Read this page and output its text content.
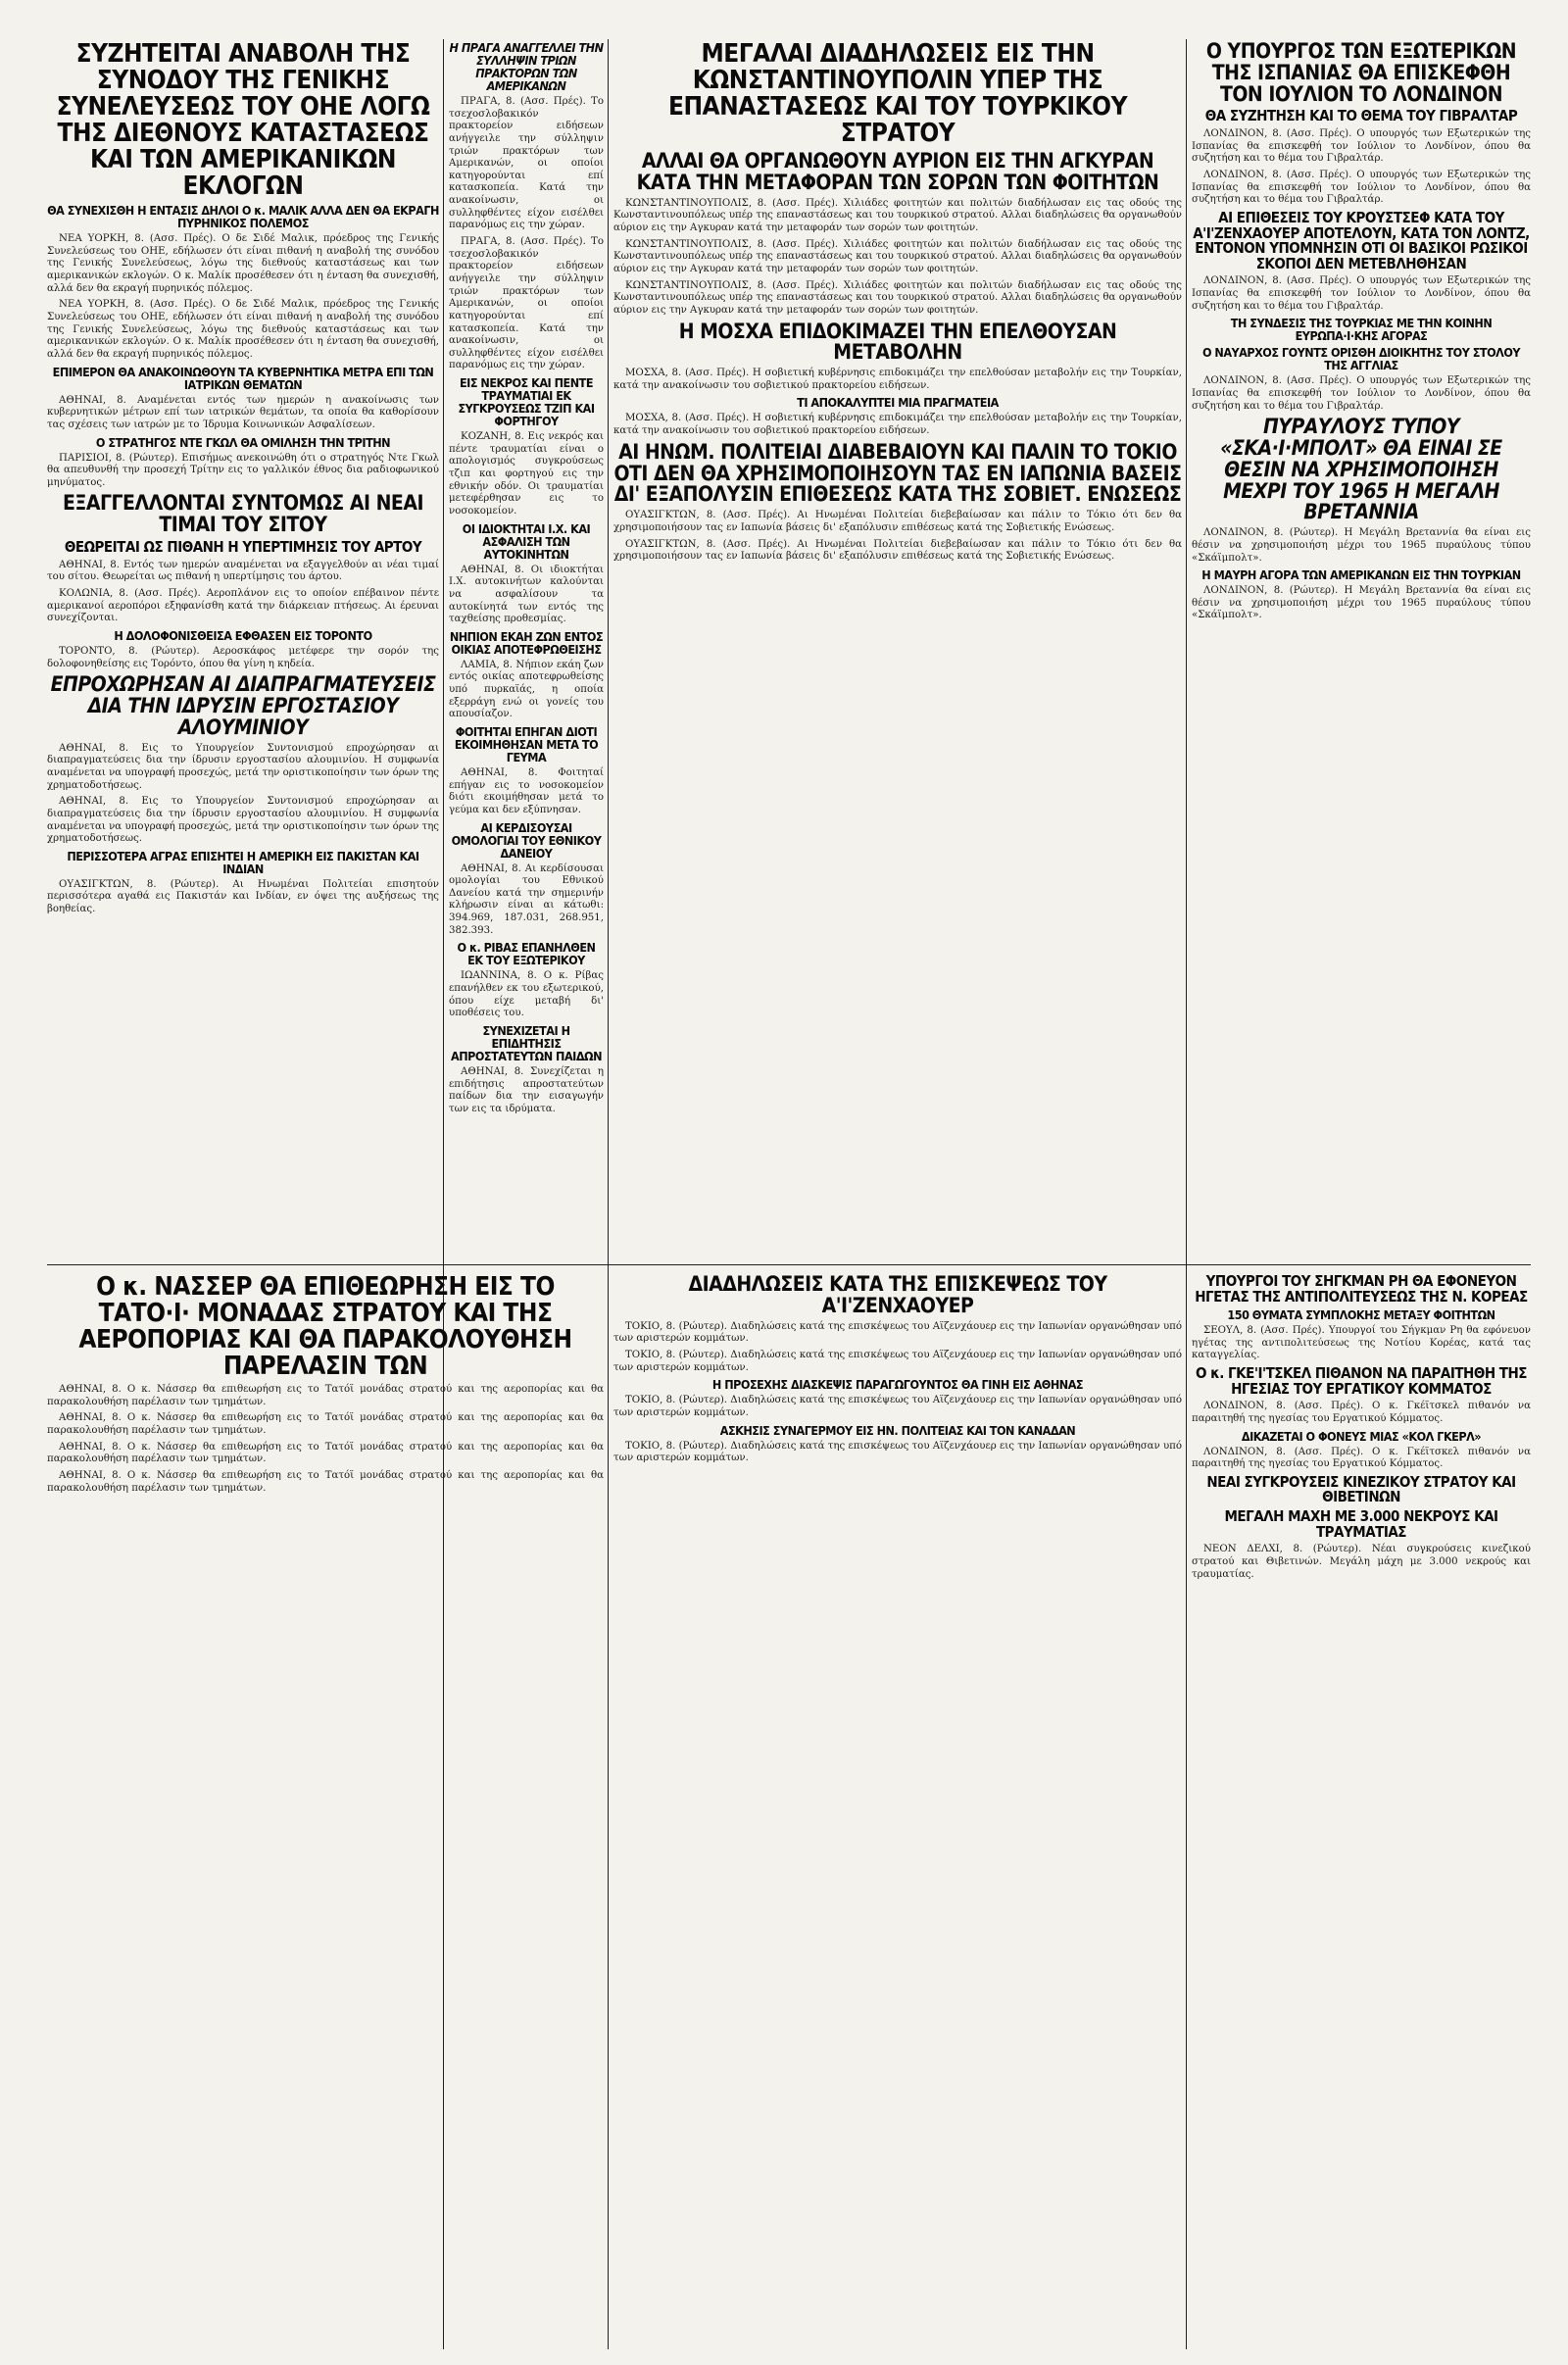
ΣΥΖΗΤΕΙΤΑΙ ΑΝΑΒΟΛΗ ΤΗΣ ΣΥΝΟΔΟΥ ΤΗΣ ΓΕΝΙΚΗΣ ΣΥΝΕΛΕΥΣΕΩΣ ΤΟΥ ΟΗΕ ΛΟΓΩ ΤΗΣ ΔΙΕΘΝΟΥΣ ΚΑΤΑΣΤΑΣΕΩΣ ΚΑΙ ΤΩΝ ΑΜΕΡΙΚΑΝΙΚΩΝ ΕΚΛΟΓΩΝ
ΘΑ ΣΥΝΕΧΙΣΘΗ Η ΕΝΤΑΣΙΣ ΔΗΛΟΙ Ο κ. ΜΑΛΙΚ ΑΛΛΑ ΔΕΝ ΘΑ ΕΚΡΑΓΗ ΠΥΡΗΝΙΚΟΣ ΠΟΛΕΜΟΣ

ΝΕΑ ΥΟΡΚΗ, 8. (Ασσ. Πρές). Ο δε Σιδέ Μαλικ, πρόεδρος της Γενικής Συνελεύσεως του ΟΗΕ, εδήλωσεν ότι είναι πιθανή η αναβολή της συνόδου της Γενικής Συνελεύσεως, λόγω της διεθνούς καταστάσεως και των αμερικανικών εκλογών. Ο κ. Μαλίκ προσέθεσεν ότι η ένταση θα συνεχισθή, αλλά δεν θα εκραγή πυρηνικός πόλεμος.

ΝΕΑ ΥΟΡΚΗ, 8. (Ασσ. Πρές). Ο δε Σιδέ Μαλικ, πρόεδρος της Γενικής Συνελεύσεως του ΟΗΕ, εδήλωσεν ότι είναι πιθανή η αναβολή της συνόδου της Γενικής Συνελεύσεως, λόγω της διεθνούς καταστάσεως και των αμερικανικών εκλογών. Ο κ. Μαλίκ προσέθεσεν ότι η ένταση θα συνεχισθή, αλλά δεν θα εκραγή πυρηνικός πόλεμος.

ΕΠΙΜΕΡΟΝ ΘΑ ΑΝΑΚΟΙΝΩΘΟΥΝ ΤΑ ΚΥΒΕΡΝΗΤΙΚΑ ΜΕΤΡΑ ΕΠΙ ΤΩΝ ΙΑΤΡΙΚΩΝ ΘΕΜΑΤΩΝ

ΑΘΗΝΑΙ, 8. Αναμένεται εντός των ημερών η ανακοίνωσις των κυβερνητικών μέτρων επί των ιατρικών θεμάτων, τα οποία θα καθορίσουν τας σχέσεις των ιατρών με το Ίδρυμα Κοινωνικών Ασφαλίσεων.

Ο ΣΤΡΑΤΗΓΟΣ ΝΤΕ ΓΚΩΛ ΘΑ ΟΜΙΛΗΣΗ ΤΗΝ ΤΡΙΤΗΝ

ΠΑΡΙΣΙΟΙ, 8. (Ρώυτερ). Επισήμως ανεκοινώθη ότι ο στρατηγός Ντε Γκωλ θα απευθυνθή την προσεχή Τρίτην εις το γαλλικόν έθνος δια ραδιοφωνικού μηνύματος.

ΕΞΑΓΓΕΛΛΟΝΤΑΙ ΣΥΝΤΟΜΩΣ ΑΙ ΝΕΑΙ ΤΙΜΑΙ ΤΟΥ ΣΙΤΟΥ
ΘΕΩΡΕΙΤΑΙ ΩΣ ΠΙΘΑΝΗ Η ΥΠΕΡΤΙΜΗΣΙΣ ΤΟΥ ΑΡΤΟΥ

ΑΘΗΝΑΙ, 8. Εντός των ημερών αναμένεται να εξαγγελθούν αι νέαι τιμαί του σίτου. Θεωρείται ως πιθανή η υπερτίμησις του άρτου.

ΚΟΛΩΝΙΑ, 8. (Ασσ. Πρές). Αεροπλάνον εις το οποίον επέβαινον πέντε αμερικανοί αεροπόροι εξηφανίσθη κατά την διάρκειαν πτήσεως. Αι έρευναι συνεχίζονται.

Η ΔΟΛΟΦΟΝΙΣΘΕΙΣΑ ΕΦΘΑΣΕΝ ΕΙΣ ΤΟΡΟΝΤΟ

ΤΟΡΟΝΤΟ, 8. (Ρώυτερ). Αεροσκάφος μετέφερε την σορόν της δολοφονηθείσης εις Τορόντο, όπου θα γίνη η κηδεία.

ΕΠΡΟΧΩΡΗΣΑΝ ΑΙ ΔΙΑΠΡΑΓΜΑΤΕΥΣΕΙΣ ΔΙΑ ΤΗΝ ΙΔΡΥΣΙΝ ΕΡΓΟΣΤΑΣΙΟΥ ΑΛΟΥΜΙΝΙΟΥ

ΑΘΗΝΑΙ, 8. Εις το Υπουργείον Συντονισμού επροχώρησαν αι διαπραγματεύσεις δια την ίδρυσιν εργοστασίου αλουμινίου. Η συμφωνία αναμένεται να υπογραφή προσεχώς, μετά την οριστικοποίησιν των όρων της χρηματοδοτήσεως.

ΑΘΗΝΑΙ, 8. Εις το Υπουργείον Συντονισμού επροχώρησαν αι διαπραγματεύσεις δια την ίδρυσιν εργοστασίου αλουμινίου. Η συμφωνία αναμένεται να υπογραφή προσεχώς, μετά την οριστικοποίησιν των όρων της χρηματοδοτήσεως.

ΠΕΡΙΣΣΟΤΕΡΑ ΑΓΡΑΣ ΕΠΙΣΗΤΕΙ Η ΑΜΕΡΙΚΗ ΕΙΣ ΠΑΚΙΣΤΑΝ ΚΑΙ ΙΝΔΙΑΝ

ΟΥΑΣΙΓΚΤΩΝ, 8. (Ρώυτερ). Αι Ηνωμέναι Πολιτείαι επισητούν περισσότερα αγαθά εις Πακιστάν και Ινδίαν, εν όψει της αυξήσεως της βοηθείας.

Η ΠΡΑΓΑ ΑΝΑΓΓΕΛΛΕΙ ΤΗΝ ΣΥΛΛΗΨΙΝ ΤΡΙΩΝ ΠΡΑΚΤΟΡΩΝ ΤΩΝ ΑΜΕΡΙΚΑΝΩΝ

ΠΡΑΓΑ, 8. (Ασσ. Πρές). Το τσεχοσλοβακικόν πρακτορείον ειδήσεων ανήγγειλε την σύλληψιν τριών πρακτόρων των Αμερικανών, οι οποίοι κατηγορούνται επί κατασκοπεία. Κατά την ανακοίνωσιν, οι συλληφθέντες είχον εισέλθει παρανόμως εις την χώραν.

ΠΡΑΓΑ, 8. (Ασσ. Πρές). Το τσεχοσλοβακικόν πρακτορείον ειδήσεων ανήγγειλε την σύλληψιν τριών πρακτόρων των Αμερικανών, οι οποίοι κατηγορούνται επί κατασκοπεία. Κατά την ανακοίνωσιν, οι συλληφθέντες είχον εισέλθει παρανόμως εις την χώραν.

ΕΙΣ ΝΕΚΡΟΣ ΚΑΙ ΠΕΝΤΕ ΤΡΑΥΜΑΤΙΑΙ ΕΚ ΣΥΓΚΡΟΥΣΕΩΣ ΤΖΙΠ ΚΑΙ ΦΟΡΤΗΓΟΥ

ΚΟΖΑΝΗ, 8. Εις νεκρός και πέντε τραυματίαι είναι ο απολογισμός συγκρούσεως τζιπ και φορτηγού εις την εθνικήν οδόν. Οι τραυματίαι μετεφέρθησαν εις το νοσοκομείον.

ΟΙ ΙΔΙΟΚΤΗΤΑΙ Ι.Χ. ΚΑΙ ΑΣΦΑΛΙΣΗ ΤΩΝ ΑΥΤΟΚΙΝΗΤΩΝ

ΑΘΗΝΑΙ, 8. Οι ιδιοκτήται Ι.Χ. αυτοκινήτων καλούνται να ασφαλίσουν τα αυτοκίνητά των εντός της ταχθείσης προθεσμίας.

ΝΗΠΙΟΝ ΕΚΑΗ ΖΩΝ ΕΝΤΟΣ ΟΙΚΙΑΣ ΑΠΟΤΕΦΡΩΘΕΙΣΗΣ

ΛΑΜΙΑ, 8. Νήπιον εκάη ζων εντός οικίας αποτεφρωθείσης υπό πυρκαϊάς, η οποία εξερράγη ενώ οι γονείς του απουσίαζον.

ΦΟΙΤΗΤΑΙ ΕΠΗΓΑΝ ΔΙΟΤΙ ΕΚΟΙΜΗΘΗΣΑΝ ΜΕΤΑ ΤΟ ΓΕΥΜΑ

ΑΘΗΝΑΙ, 8. Φοιτηταί επήγαν εις το νοσοκομείον διότι εκοιμήθησαν μετά το γεύμα και δεν εξύπνησαν.

ΑΙ ΚΕΡΔΙΣΟΥΣΑΙ ΟΜΟΛΟΓΙΑΙ ΤΟΥ ΕΘΝΙΚΟΥ ΔΑΝΕΙΟΥ

ΑΘΗΝΑΙ, 8. Αι κερδίσουσαι ομολογίαι του Εθνικού Δανείου κατά την σημερινήν κλήρωσιν είναι αι κάτωθι: 394.969, 187.031, 268.951, 382.393.

Ο κ. ΡΙΒΑΣ ΕΠΑΝΗΛΘΕΝ ΕΚ ΤΟΥ ΕΞΩΤΕΡΙΚΟΥ

ΙΩΑΝΝΙΝΑ, 8. Ο κ. Ρίβας επανήλθεν εκ του εξωτερικού, όπου είχε μεταβή δι' υποθέσεις του.

ΣΥΝΕΧΙΖΕΤΑΙ Η ΕΠΙΔΗΤΗΣΙΣ ΑΠΡΟΣΤΑΤΕΥΤΩΝ ΠΑΙΔΩΝ

ΑΘΗΝΑΙ, 8. Συνεχίζεται η επιδήτησις απροστατεύτων παίδων δια την εισαγωγήν των εις τα ιδρύματα.

ΜΕΓΑΛΑΙ ΔΙΑΔΗΛΩΣΕΙΣ ΕΙΣ ΤΗΝ ΚΩΝΣΤΑΝΤΙΝΟΥΠΟΛΙΝ ΥΠΕΡ ΤΗΣ ΕΠΑΝΑΣΤΑΣΕΩΣ ΚΑΙ ΤΟΥ ΤΟΥΡΚΙΚΟΥ ΣΤΡΑΤΟΥ
ΑΛΛΑΙ ΘΑ ΟΡΓΑΝΩΘΟΥΝ ΑΥΡΙΟΝ ΕΙΣ ΤΗΝ ΑΓΚΥΡΑΝ ΚΑΤΑ ΤΗΝ ΜΕΤΑΦΟΡΑΝ ΤΩΝ ΣΟΡΩΝ ΤΩΝ ΦΟΙΤΗΤΩΝ

ΚΩΝΣΤΑΝΤΙΝΟΥΠΟΛΙΣ, 8. (Ασσ. Πρές). Χιλιάδες φοιτητών και πολιτών διαδήλωσαν εις τας οδούς της Κωνσταντινουπόλεως υπέρ της επαναστάσεως και του τουρκικού στρατού. Αλλαι διαδηλώσεις θα οργανωθούν αύριον εις την Αγκυραν κατά την μεταφοράν των σορών των φοιτητών.

ΚΩΝΣΤΑΝΤΙΝΟΥΠΟΛΙΣ, 8. (Ασσ. Πρές). Χιλιάδες φοιτητών και πολιτών διαδήλωσαν εις τας οδούς της Κωνσταντινουπόλεως υπέρ της επαναστάσεως και του τουρκικού στρατού. Αλλαι διαδηλώσεις θα οργανωθούν αύριον εις την Αγκυραν κατά την μεταφοράν των σορών των φοιτητών.

ΚΩΝΣΤΑΝΤΙΝΟΥΠΟΛΙΣ, 8. (Ασσ. Πρές). Χιλιάδες φοιτητών και πολιτών διαδήλωσαν εις τας οδούς της Κωνσταντινουπόλεως υπέρ της επαναστάσεως και του τουρκικού στρατού. Αλλαι διαδηλώσεις θα οργανωθούν αύριον εις την Αγκυραν κατά την μεταφοράν των σορών των φοιτητών.

Η ΜΟΣΧΑ ΕΠΙΔΟΚΙΜΑΖΕΙ ΤΗΝ ΕΠΕΛΘΟΥΣΑΝ ΜΕΤΑΒΟΛΗΝ

ΜΟΣΧΑ, 8. (Ασσ. Πρές). Η σοβιετική κυβέρνησις επιδοκιμάζει την επελθούσαν μεταβολήν εις την Τουρκίαν, κατά την ανακοίνωσιν του σοβιετικού πρακτορείου ειδήσεων.

ΤΙ ΑΠΟΚΑΛΥΠΤΕΙ ΜΙΑ ΠΡΑΓΜΑΤΕΙΑ

ΜΟΣΧΑ, 8. (Ασσ. Πρές). Η σοβιετική κυβέρνησις επιδοκιμάζει την επελθούσαν μεταβολήν εις την Τουρκίαν, κατά την ανακοίνωσιν του σοβιετικού πρακτορείου ειδήσεων.

ΑΙ ΗΝΩΜ. ΠΟΛΙΤΕΙΑΙ ΔΙΑΒΕΒΑΙΟΥΝ ΚΑΙ ΠΑΛΙΝ ΤΟ ΤΟΚΙΟ ΟΤΙ ΔΕΝ ΘΑ ΧΡΗΣΙΜΟΠΟΙΗΣΟΥΝ ΤΑΣ ΕΝ ΙΑΠΩΝΙΑ ΒΑΣΕΙΣ ΔΙ' ΕΞΑΠΟΛΥΣΙΝ ΕΠΙΘΕΣΕΩΣ ΚΑΤΑ ΤΗΣ ΣΟΒΙΕΤ. ΕΝΩΣΕΩΣ

ΟΥΑΣΙΓΚΤΩΝ, 8. (Ασσ. Πρές). Αι Ηνωμέναι Πολιτείαι διεβεβαίωσαν και πάλιν το Τόκιο ότι δεν θα χρησιμοποιήσουν τας εν Ιαπωνία βάσεις δι' εξαπόλυσιν επιθέσεως κατά της Σοβιετικής Ενώσεως.

ΟΥΑΣΙΓΚΤΩΝ, 8. (Ασσ. Πρές). Αι Ηνωμέναι Πολιτείαι διεβεβαίωσαν και πάλιν το Τόκιο ότι δεν θα χρησιμοποιήσουν τας εν Ιαπωνία βάσεις δι' εξαπόλυσιν επιθέσεως κατά της Σοβιετικής Ενώσεως.

Ο ΥΠΟΥΡΓΟΣ ΤΩΝ ΕΞΩΤΕΡΙΚΩΝ ΤΗΣ ΙΣΠΑΝΙΑΣ ΘΑ ΕΠΙΣΚΕΦΘΗ ΤΟΝ ΙΟΥΛΙΟΝ ΤΟ ΛΟΝΔΙΝΟΝ
ΘΑ ΣΥΖΗΤΗΣΗ ΚΑΙ ΤΟ ΘΕΜΑ ΤΟΥ ΓΙΒΡΑΛΤΑΡ

ΛΟΝΔΙΝΟΝ, 8. (Ασσ. Πρές). Ο υπουργός των Εξωτερικών της Ισπανίας θα επισκεφθή τον Ιούλιον το Λονδίνον, όπου θα συζητήση και το θέμα του Γιβραλτάρ.

ΛΟΝΔΙΝΟΝ, 8. (Ασσ. Πρές). Ο υπουργός των Εξωτερικών της Ισπανίας θα επισκεφθή τον Ιούλιον το Λονδίνον, όπου θα συζητήση και το θέμα του Γιβραλτάρ.

ΑΙ ΕΠΙΘΕΣΕΙΣ ΤΟΥ ΚΡΟΥΣΤΣΕΦ ΚΑΤΑ ΤΟΥ Α'Ι'ΖΕΝΧΑΟΥΕΡ ΑΠΟΤΕΛΟΥΝ, ΚΑΤΑ ΤΟΝ ΛΟΝΤΖ, ΕΝΤΟΝΟΝ ΥΠΟΜΝΗΣΙΝ ΟΤΙ ΟΙ ΒΑΣΙΚΟΙ ΡΩΣΙΚΟΙ ΣΚΟΠΟΙ ΔΕΝ ΜΕΤΕΒΛΗΘΗΣΑΝ

ΛΟΝΔΙΝΟΝ, 8. (Ασσ. Πρές). Ο υπουργός των Εξωτερικών της Ισπανίας θα επισκεφθή τον Ιούλιον το Λονδίνον, όπου θα συζητήση και το θέμα του Γιβραλτάρ.

ΤΗ ΣΥΝΔΕΣΙΣ ΤΗΣ ΤΟΥΡΚΙΑΣ ΜΕ ΤΗΝ ΚΟΙΝΗΝ ΕΥΡΩΠΑ·Ι·ΚΗΣ ΑΓΟΡΑΣ
Ο ΝΑΥΑΡΧΟΣ ΓΟΥΝΤΣ ΟΡΙΣΘΗ ΔΙΟΙΚΗΤΗΣ ΤΟΥ ΣΤΟΛΟΥ ΤΗΣ ΑΓΓΛΙΑΣ

ΛΟΝΔΙΝΟΝ, 8. (Ασσ. Πρές). Ο υπουργός των Εξωτερικών της Ισπανίας θα επισκεφθή τον Ιούλιον το Λονδίνον, όπου θα συζητήση και το θέμα του Γιβραλτάρ.

ΠΥΡΑΥΛΟΥΣ ΤΥΠΟΥ «ΣΚΑ·Ι·ΜΠΟΛΤ» ΘΑ ΕΙΝΑΙ ΣΕ ΘΕΣΙΝ ΝΑ ΧΡΗΣΙΜΟΠΟΙΗΣΗ ΜΕΧΡΙ ΤΟΥ 1965 Η ΜΕΓΑΛΗ ΒΡΕΤΑΝΝΙΑ

ΛΟΝΔΙΝΟΝ, 8. (Ρώυτερ). Η Μεγάλη Βρεταννία θα είναι εις θέσιν να χρησιμοποιήση μέχρι του 1965 πυραύλους τύπου «Σκάϊμπολτ».

Η ΜΑΥΡΗ ΑΓΟΡΑ ΤΩΝ ΑΜΕΡΙΚΑΝΩΝ ΕΙΣ ΤΗΝ ΤΟΥΡΚΙΑΝ

ΛΟΝΔΙΝΟΝ, 8. (Ρώυτερ). Η Μεγάλη Βρεταννία θα είναι εις θέσιν να χρησιμοποιήση μέχρι του 1965 πυραύλους τύπου «Σκάϊμπολτ».

Ο κ. ΝΑΣΣΕΡ ΘΑ ΕΠΙΘΕΩΡΗΣΗ ΕΙΣ ΤΟ ΤΑΤΟ·Ι· ΜΟΝΑΔΑΣ ΣΤΡΑΤΟΥ ΚΑΙ ΤΗΣ ΑΕΡΟΠΟΡΙΑΣ ΚΑΙ ΘΑ ΠΑΡΑΚΟΛΟΥΘΗΣΗ ΠΑΡΕΛΑΣΙΝ ΤΩΝ

ΑΘΗΝΑΙ, 8. Ο κ. Νάσσερ θα επιθεωρήση εις το Τατόϊ μονάδας στρατού και της αεροπορίας και θα παρακολουθήση παρέλασιν των τμημάτων.

ΑΘΗΝΑΙ, 8. Ο κ. Νάσσερ θα επιθεωρήση εις το Τατόϊ μονάδας στρατού και της αεροπορίας και θα παρακολουθήση παρέλασιν των τμημάτων.

ΑΘΗΝΑΙ, 8. Ο κ. Νάσσερ θα επιθεωρήση εις το Τατόϊ μονάδας στρατού και της αεροπορίας και θα παρακολουθήση παρέλασιν των τμημάτων.

ΑΘΗΝΑΙ, 8. Ο κ. Νάσσερ θα επιθεωρήση εις το Τατόϊ μονάδας στρατού και της αεροπορίας και θα παρακολουθήση παρέλασιν των τμημάτων.

ΔΙΑΔΗΛΩΣΕΙΣ ΚΑΤΑ ΤΗΣ ΕΠΙΣΚΕΨΕΩΣ ΤΟΥ Α'Ι'ΖΕΝΧΑΟΥΕΡ

ΤΟΚΙΟ, 8. (Ρώυτερ). Διαδηλώσεις κατά της επισκέψεως του Αϊζενχάουερ εις την Ιαπωνίαν οργανώθησαν υπό των αριστερών κομμάτων.

ΤΟΚΙΟ, 8. (Ρώυτερ). Διαδηλώσεις κατά της επισκέψεως του Αϊζενχάουερ εις την Ιαπωνίαν οργανώθησαν υπό των αριστερών κομμάτων.

Η ΠΡΟΣΕΧΗΣ ΔΙΑΣΚΕΨΙΣ ΠΑΡΑΓΩΓΟΥΝΤΟΣ ΘΑ ΓΙΝΗ ΕΙΣ ΑΘΗΝΑΣ

ΤΟΚΙΟ, 8. (Ρώυτερ). Διαδηλώσεις κατά της επισκέψεως του Αϊζενχάουερ εις την Ιαπωνίαν οργανώθησαν υπό των αριστερών κομμάτων.

ΑΣΚΗΣΙΣ ΣΥΝΑΓΕΡΜΟΥ ΕΙΣ ΗΝ. ΠΟΛΙΤΕΙΑΣ ΚΑΙ ΤΟΝ ΚΑΝΑΔΑΝ

ΤΟΚΙΟ, 8. (Ρώυτερ). Διαδηλώσεις κατά της επισκέψεως του Αϊζενχάουερ εις την Ιαπωνίαν οργανώθησαν υπό των αριστερών κομμάτων.

ΥΠΟΥΡΓΟΙ ΤΟΥ ΣΗΓΚΜΑΝ ΡΗ ΘΑ ΕΦΟΝΕΥΟΝ ΗΓΕΤΑΣ ΤΗΣ ΑΝΤΙΠΟΛΙΤΕΥΣΕΩΣ ΤΗΣ Ν. ΚΟΡΕΑΣ
150 ΘΥΜΑΤΑ ΣΥΜΠΛΟΚΗΣ ΜΕΤΑΞΥ ΦΟΙΤΗΤΩΝ

ΣΕΟΥΛ, 8. (Ασσ. Πρές). Υπουργοί του Σήγκμαν Ρη θα εφόνευον ηγέτας της αντιπολιτεύσεως της Νοτίου Κορέας, κατά τας καταγγελίας.

Ο κ. ΓΚΕ'Ι'ΤΣΚΕΛ ΠΙΘΑΝΟΝ ΝΑ ΠΑΡΑΙΤΗΘΗ ΤΗΣ ΗΓΕΣΙΑΣ ΤΟΥ ΕΡΓΑΤΙΚΟΥ ΚΟΜΜΑΤΟΣ

ΛΟΝΔΙΝΟΝ, 8. (Ασσ. Πρές). Ο κ. Γκέϊτσκελ πιθανόν να παραιτηθή της ηγεσίας του Εργατικού Κόμματος.

ΔΙΚΑΖΕΤΑΙ Ο ΦΟΝΕΥΣ ΜΙΑΣ «ΚΟΛ ΓΚΕΡΛ»

ΛΟΝΔΙΝΟΝ, 8. (Ασσ. Πρές). Ο κ. Γκέϊτσκελ πιθανόν να παραιτηθή της ηγεσίας του Εργατικού Κόμματος.

ΝΕΑΙ ΣΥΓΚΡΟΥΣΕΙΣ ΚΙΝΕΖΙΚΟΥ ΣΤΡΑΤΟΥ ΚΑΙ ΘΙΒΕΤΙΝΩΝ
ΜΕΓΑΛΗ ΜΑΧΗ ΜΕ 3.000 ΝΕΚΡΟΥΣ ΚΑΙ ΤΡΑΥΜΑΤΙΑΣ

ΝΕΟΝ ΔΕΛΧΙ, 8. (Ρώυτερ). Νέαι συγκρούσεις κινεζικού στρατού και Θιβετινών. Μεγάλη μάχη με 3.000 νεκρούς και τραυματίας.
